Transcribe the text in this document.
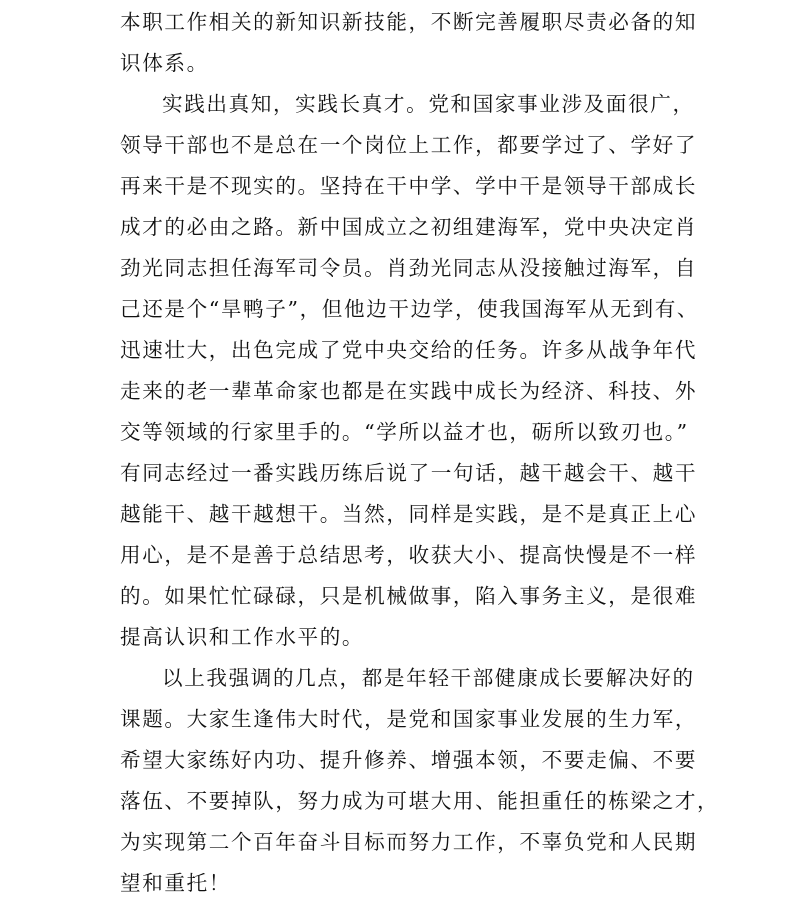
本职工作相关的新知识新技能，不断完善履职尽责必备的知
识体系。
实践出真知，实践长真才。党和国家事业涉及面很广，
领导干部也不是总在一个岗位上工作，都要学过了、学好了
再来干是不现实的。坚持在干中学、学中干是领导干部成长
成才的必由之路。新中国成立之初组建海军，党中央决定肖
劲光同志担任海军司令员。肖劲光同志从没接触过海军，自
己还是个“旱鸭子”，但他边干边学，使我国海军从无到有、
迅速壮大，出色完成了党中央交给的任务。许多从战争年代
走来的老一辈革命家也都是在实践中成长为经济、科技、外
交等领域的行家里手的。“学所以益才也，砺所以致刃也。”
有同志经过一番实践历练后说了一句话，越干越会干、越干
越能干、越干越想干。当然，同样是实践，是不是真正上心
用心，是不是善于总结思考，收获大小、提高快慢是不一样
的。如果忙忙碌碌，只是机械做事，陷入事务主义，是很难
提高认识和工作水平的。
以上我强调的几点，都是年轻干部健康成长要解决好的
课题。大家生逢伟大时代，是党和国家事业发展的生力军，
希望大家练好内功、提升修养、增强本领，不要走偏、不要
落伍、不要掉队，努力成为可堪大用、能担重任的栋梁之才，
为实现第二个百年奋斗目标而努力工作，不辜负党和人民期
望和重托！
